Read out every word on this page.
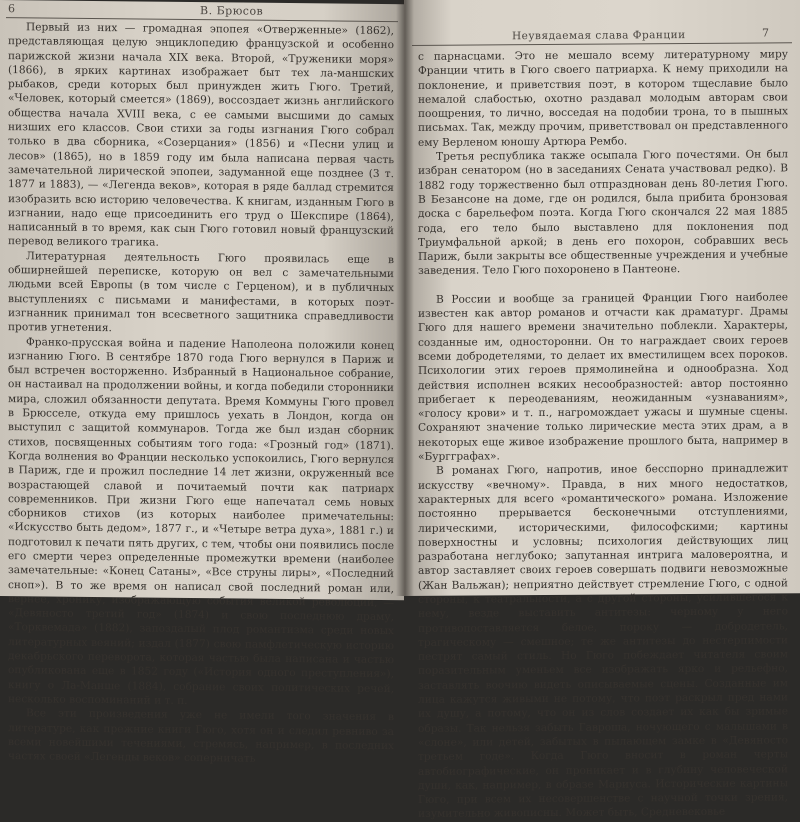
6	В. Брюсов

Первый из них — громадная эпопея «Отверженные» (1862), представляющая целую энциклопедию французской и особенно парижской жизни начала XIX века. Второй, «Труженики моря» (1866), в ярких картинах изображает быт тех ла-маншских рыбаков, среди которых был принужден жить Гюго. Третий, «Человек, который смеется» (1869), воссоздает жизнь английского общества начала XVIII века, с ее самыми высшими до самых низших его классов. Свои стихи за годы изгнания Гюго собрал только в два сборника, «Созерцания» (1856) и «Песни улиц и лесов» (1865), но в 1859 году им была написана первая часть замечательной лирической эпопеи, задуманной еще позднее (3 т. 1877 и 1883), — «Легенда веков», которая в ряде баллад стремится изобразить всю историю человечества. К книгам, изданным Гюго в изгнании, надо еще присоединить его труд о Шекспире (1864), написанный в то время, как сын Гюго готовил новый французский перевод великого трагика.

Литературная деятельность Гюго проявилась еще в обширнейшей переписке, которую он вел с замечательными людьми всей Европы (в том числе с Герценом), и в публичных выступлениях с письмами и манифестами, в которых поэт-изгнанник принимал тон всесветного защитника справедливости против угнетения.

Франко-прусская война и падение Наполеона положили конец изгнанию Гюго. В сентябре 1870 года Гюго вернулся в Париж и был встречен восторженно. Избранный в Национальное собрание, он настаивал на продолжении войны, и когда победили сторонники мира, сложил обязанности депутата. Время Коммуны Гюго провел в Брюсселе, откуда ему пришлось уехать в Лондон, когда он выступил с защитой коммунаров. Тогда же был издан сборник стихов, посвященных событиям того года: «Грозный год» (1871). Когда волнения во Франции несколько успокоились, Гюго вернулся в Париж, где и прожил последние 14 лет жизни, окруженный все возрастающей славой и почитаемый почти как патриарх современников. При жизни Гюго еще напечатал семь новых сборников стихов (из которых наиболее примечательны: «Искусство быть дедом», 1877 г., и «Четыре ветра духа», 1881 г.) и подготовил к печати пять других, с тем, чтобы они появились после его смерти через определенные промежутки времени (наиболее замечательные: «Конец Сатаны», «Все струны лиры», «Последний сноп»). В то же время он написал свой последний роман или, вернее, хронику, изображающую события великой революции, — «Девяносто третий год» (1874) и свою последнюю драму, «Торквемада» (1882), запоздалый плод романтизма среди новых литературных веяний; издал (1877) свою памфлетическую историю декабрьского переворота, которая частью была написана и частью опубликована еще в 1852 году («История одного преступления»), книгу о Ла-Манше (1884), собрание своих политических речей, несколько воспоминаний и т. п.

Все эти произведения уже не имели того значения в литературе, как прежние книги Гюго, хотя он и следил ревниво за всеми новейшими течениями, стремясь, например, в последних частях своей «Легенды веков» соперничать

Неувядаемая слава Франции	7

с парнасцами. Это не мешало всему литературному миру Франции чтить в Гюго своего патриарха. К нему приходили на поклонение, и приветствия поэт, в котором тщеславие было немалой слабостью, охотно раздавал молодым авторам свои поощрения, то лично, восседая на подобии трона, то в пышных письмах. Так, между прочим, приветствовал он представленного ему Верленом юношу Артюра Рембо.

Третья республика также осыпала Гюго почестями. Он был избран сенатором (но в заседаниях Сената участвовал редко). В 1882 году торжественно был отпразднован день 80-летия Гюго. В Безансоне на доме, где он родился, была прибита бронзовая доска с барельефом поэта. Когда Гюго скончался 22 мая 1885 года, его тело было выставлено для поклонения под Триумфальной аркой; в день его похорон, собравших весь Париж, были закрыты все общественные учреждения и учебные заведения. Тело Гюго похоронено в Пантеоне.

В России и вообще за границей Франции Гюго наиболее известен как автор романов и отчасти как драматург. Драмы Гюго для нашего времени значительно поблекли. Характеры, созданные им, односторонни. Он то награждает своих героев всеми добродетелями, то делает их вместилищем всех пороков. Психологии этих героев прямолинейна и однообразна. Ход действия исполнен всяких несообразностей: автор постоянно прибегает к переодеваниям, неожиданным «узнаваниям», «голосу крови» и т. п., нагромождает ужасы и шумные сцены. Сохраняют значение только лирические места этих драм, а в некоторых еще живое изображение прошлого быта, например в «Бургграфах».

В романах Гюго, напротив, иное бесспорно принадлежит искусству «вечному». Правда, в них много недостатков, характерных для всего «романтического» романа. Изложение постоянно прерывается бесконечными отступлениями, лирическими, историческими, философскими; картины поверхностны и условны; психология действующих лиц разработана неглубоко; запутанная интрига маловероятна, и автор заставляет своих героев совершать подвиги невозможные (Жан Вальжан); неприятно действует стремление Гюго, с одной стороны, к театральности, а с другой стороны, усилившегося к нему, везде выставить антитезы: черному у него противопоставляется белое, пороку — добродетель, трагическому — смешное; те же антитезы до нестерпимости пестрят самый стиль. Но Гюго побеждает читателя своим поразительным уменьем все изображать ярко и рельефно, заставлять воочию видеть описываемые сцены. Созданные им лица кажутся живыми не потому, что поэт раскрыл пред нами их душу, а потому, что он из слов создает их как бы зримые образы. Так нельзя забыть Гавроша, ночующего с малышами в «слоне», или детей, забытых в пылающем замке в «Девяносто третьем годе». Когда Гюго вносит в роман черты автобиографические, он проникает и в глубину человеческой души, как, например, в образе Мариуса. Исторические картины Гюго, при всем их несовершенстве с научной точки зрения, изумительно живописны. Может быть, Средневековье
